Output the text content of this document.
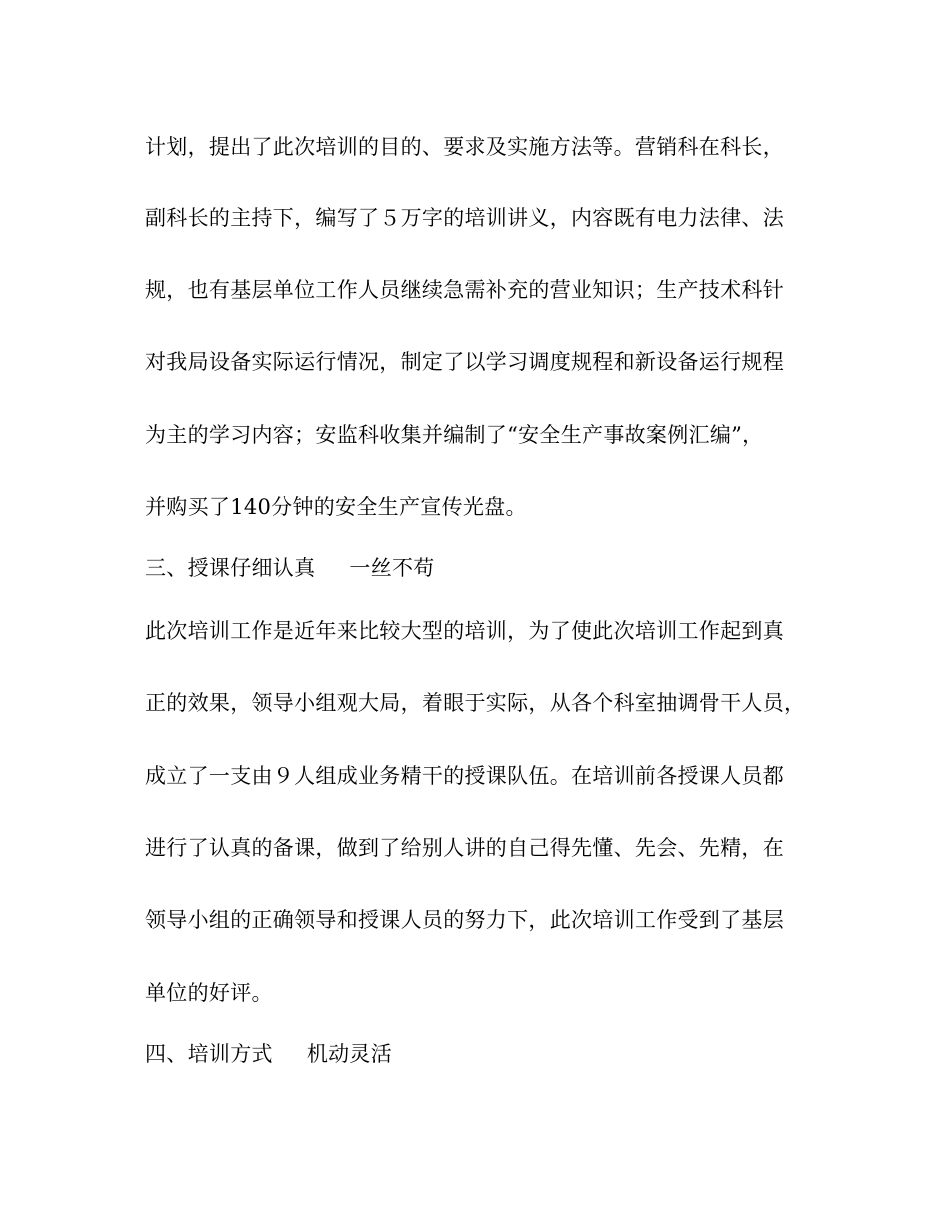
计划，提出了此次培训的目的、要求及实施方法等。营销科在科长，
副科长的主持下，编写了５万字的培训讲义，内容既有电力法律、法
规，也有基层单位工作人员继续急需补充的营业知识；生产技术科针
对我局设备实际运行情况，制定了以学习调度规程和新设备运行规程
为主的学习内容；安监科收集并编制了“安全生产事故案例汇编”，
并购买了140分钟的安全生产宣传光盘。
三、授课仔细认真 一丝不苟
此次培训工作是近年来比较大型的培训，为了使此次培训工作起到真
正的效果，领导小组观大局，着眼于实际，从各个科室抽调骨干人员，
成立了一支由９人组成业务精干的授课队伍。在培训前各授课人员都
进行了认真的备课，做到了给别人讲的自己得先懂、先会、先精，在
领导小组的正确领导和授课人员的努力下，此次培训工作受到了基层
单位的好评。
四、培训方式 机动灵活
